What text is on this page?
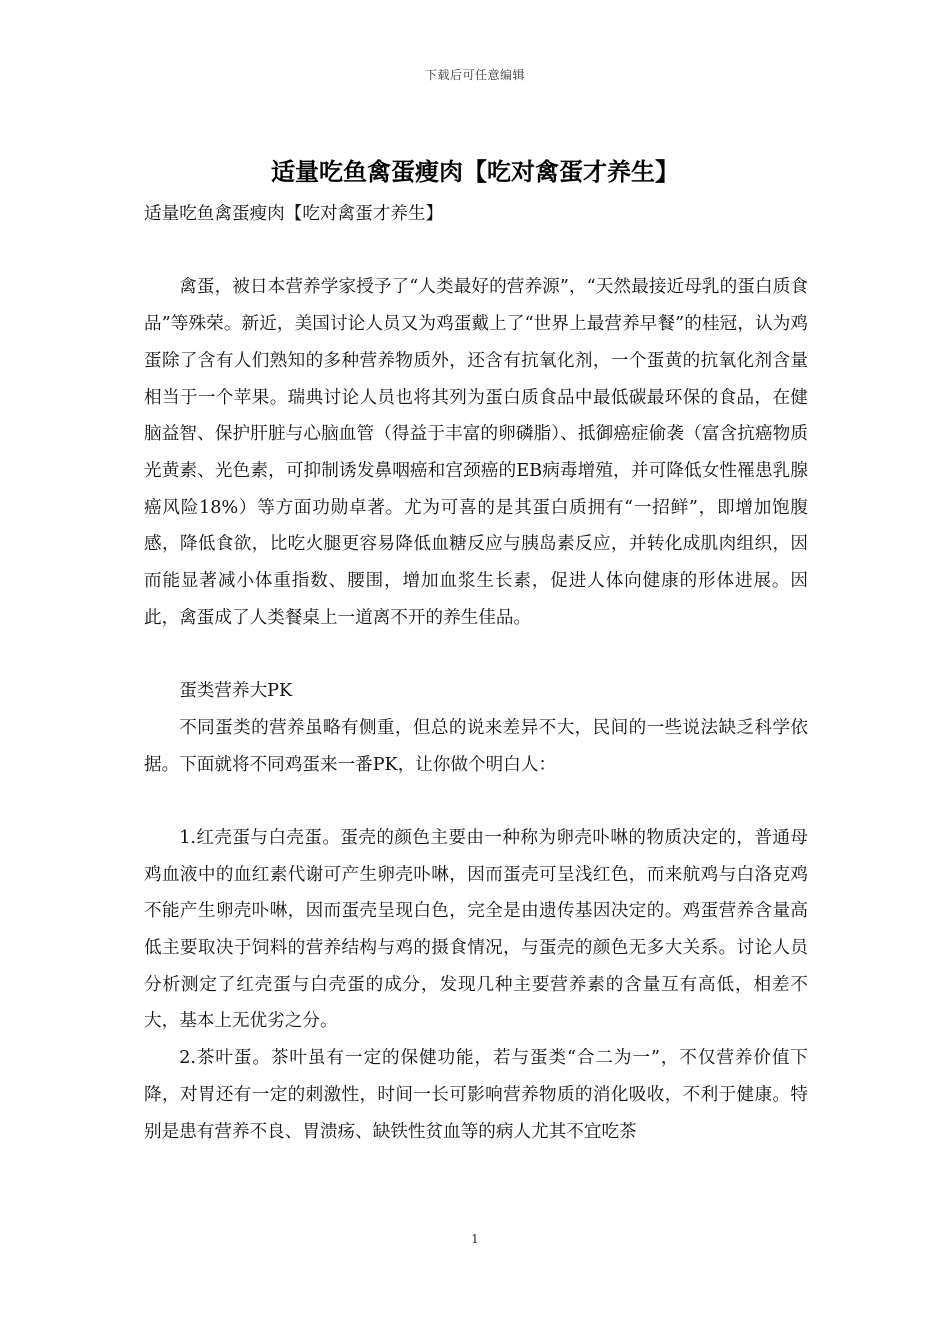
下载后可任意编辑
适量吃鱼禽蛋瘦肉【吃对禽蛋才养生】

适量吃鱼禽蛋瘦肉【吃对禽蛋才养生】

禽蛋，被日本营养学家授予了“人类最好的营养源”，“天然最接近母乳的蛋白质食品”等殊荣。新近，美国讨论人员又为鸡蛋戴上了“世界上最营养早餐”的桂冠，认为鸡蛋除了含有人们熟知的多种营养物质外，还含有抗氧化剂，一个蛋黄的抗氧化剂含量相当于一个苹果。瑞典讨论人员也将其列为蛋白质食品中最低碳最环保的食品，在健脑益智、保护肝脏与心脑血管（得益于丰富的卵磷脂）、抵御癌症偷袭（富含抗癌物质光黄素、光色素，可抑制诱发鼻咽癌和宫颈癌的EB病毒增殖，并可降低女性罹患乳腺癌风险18%）等方面功勋卓著。尤为可喜的是其蛋白质拥有“一招鲜”，即增加饱腹感，降低食欲，比吃火腿更容易降低血糖反应与胰岛素反应，并转化成肌肉组织，因而能显著减小体重指数、腰围，增加血浆生长素，促进人体向健康的形体进展。因此，禽蛋成了人类餐桌上一道离不开的养生佳品。

蛋类营养大PK

不同蛋类的营养虽略有侧重，但总的说来差异不大，民间的一些说法缺乏科学依据。下面就将不同鸡蛋来一番PK，让你做个明白人：

1.红壳蛋与白壳蛋。蛋壳的颜色主要由一种称为卵壳卟啉的物质决定的，普通母鸡血液中的血红素代谢可产生卵壳卟啉，因而蛋壳可呈浅红色，而来航鸡与白洛克鸡不能产生卵壳卟啉，因而蛋壳呈现白色，完全是由遗传基因决定的。鸡蛋营养含量高低主要取决于饲料的营养结构与鸡的摄食情况，与蛋壳的颜色无多大关系。讨论人员分析测定了红壳蛋与白壳蛋的成分，发现几种主要营养素的含量互有高低，相差不大，基本上无优劣之分。

2.茶叶蛋。茶叶虽有一定的保健功能，若与蛋类“合二为一”，不仅营养价值下降，对胃还有一定的刺激性，时间一长可影响营养物质的消化吸收，不利于健康。特别是患有营养不良、胃溃疡、缺铁性贫血等的病人尤其不宜吃茶

1
